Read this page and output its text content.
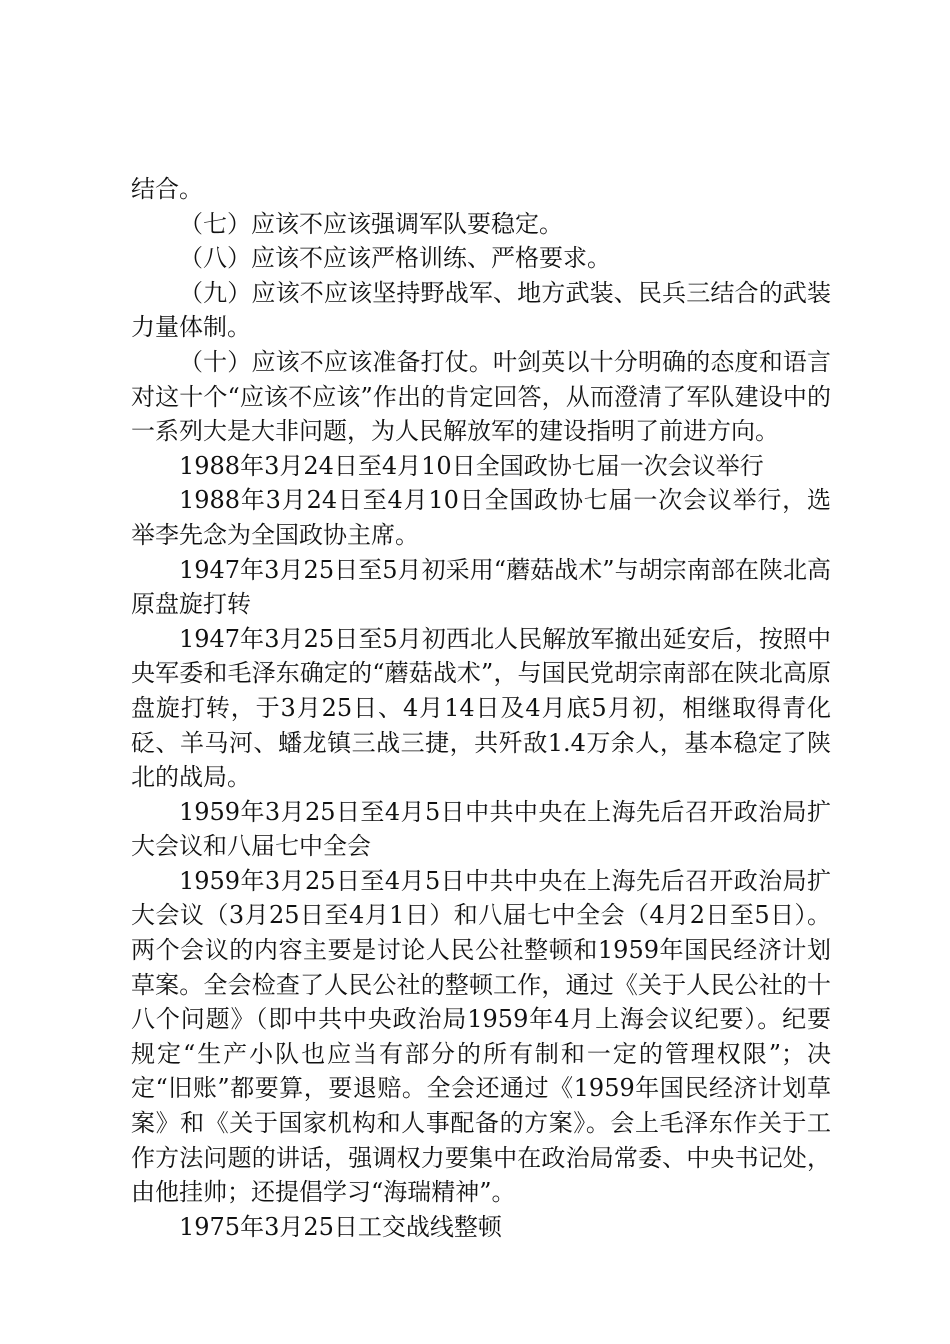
结合。

（七）应该不应该强调军队要稳定。

（八）应该不应该严格训练、严格要求。

（九）应该不应该坚持野战军、地方武装、民兵三结合的武装力量体制。

（十）应该不应该准备打仗。叶剑英以十分明确的态度和语言对这十个“应该不应该”作出的肯定回答，从而澄清了军队建设中的一系列大是大非问题，为人民解放军的建设指明了前进方向。

1988年3月24日至4月10日全国政协七届一次会议举行

1988年3月24日至4月10日全国政协七届一次会议举行，选举李先念为全国政协主席。

1947年3月25日至5月初采用“蘑菇战术”与胡宗南部在陕北高原盘旋打转

1947年3月25日至5月初西北人民解放军撤出延安后，按照中央军委和毛泽东确定的“蘑菇战术”，与国民党胡宗南部在陕北高原盘旋打转，于3月25日、4月14日及4月底5月初，相继取得青化砭、羊马河、蟠龙镇三战三捷，共歼敌1.4万余人，基本稳定了陕北的战局。

1959年3月25日至4月5日中共中央在上海先后召开政治局扩大会议和八届七中全会

1959年3月25日至4月5日中共中央在上海先后召开政治局扩大会议（3月25日至4月1日）和八届七中全会（4月2日至5日）。两个会议的内容主要是讨论人民公社整顿和1959年国民经济计划草案。全会检查了人民公社的整顿工作，通过《关于人民公社的十八个问题》（即中共中央政治局1959年4月上海会议纪要）。纪要规定“生产小队也应当有部分的所有制和一定的管理权限”；决定“旧账”都要算，要退赔。全会还通过《1959年国民经济计划草案》和《关于国家机构和人事配备的方案》。会上毛泽东作关于工作方法问题的讲话，强调权力要集中在政治局常委、中央书记处，由他挂帅；还提倡学习“海瑞精神”。

1975年3月25日工交战线整顿
